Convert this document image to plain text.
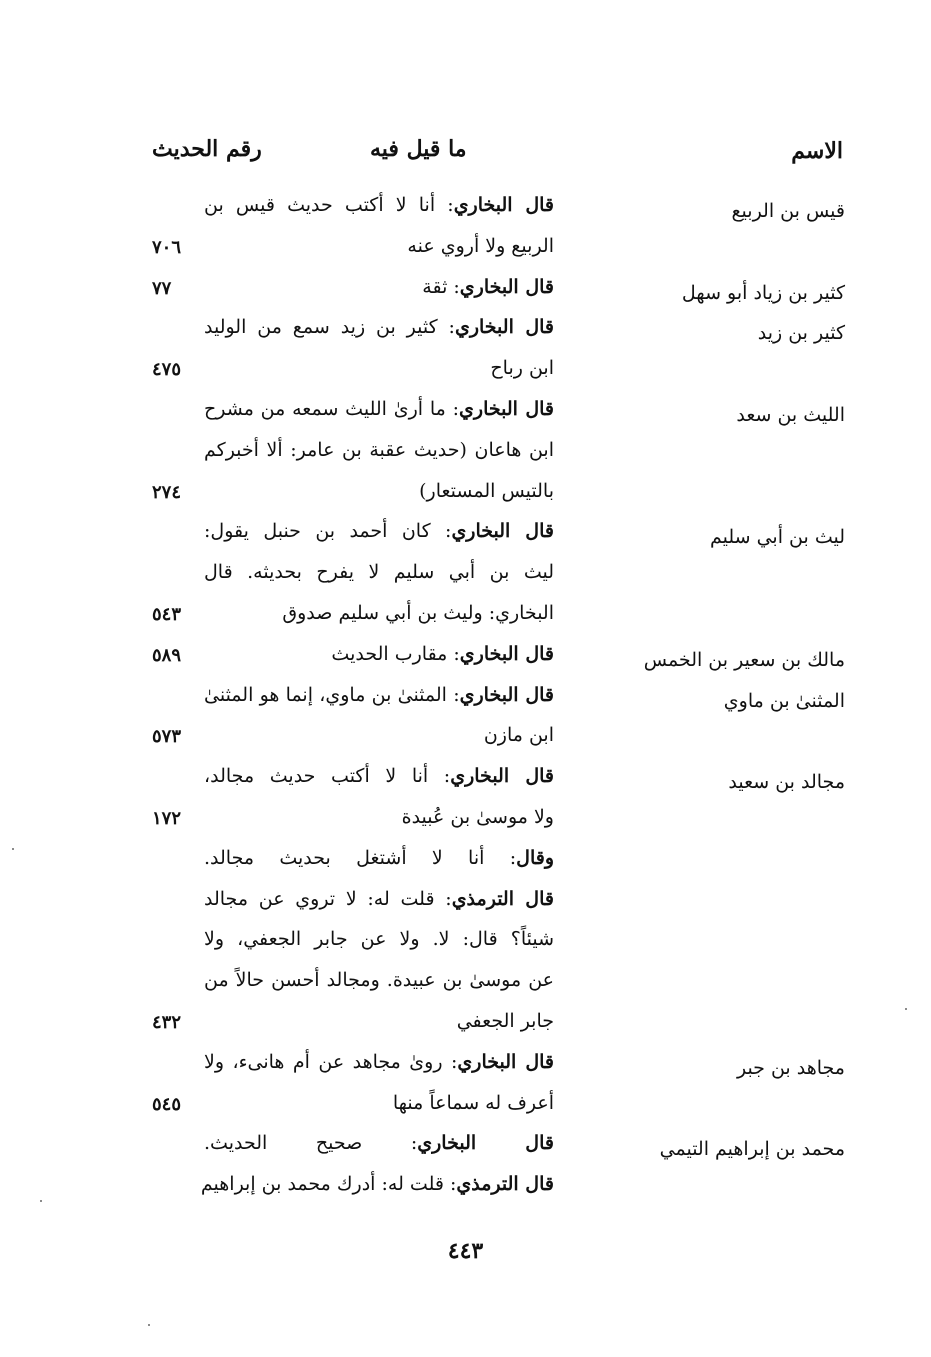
الاسم
ما قيل فيه
رقم الحديث
قيس بن الربيع
قال البخاري: أنا لا أكتب حديث قيس بن
الربيع ولا أروي عنه
٧٠٦
كثير بن زياد أبو سهل
قال البخاري: ثقة
٧٧
كثير بن زيد
قال البخاري: كثير بن زيد سمع من الوليد
ابن رباح
٤٧٥
الليث بن سعد
قال البخاري: ما أرىٰ الليث سمعه من مشرح
ابن هاعان (حديث عقبة بن عامر: ألا أخبركم
بالتيس المستعار)
٢٧٤
ليث بن أبي سليم
قال البخاري: كان أحمد بن حنبل يقول:
ليث بن أبي سليم لا يفرح بحديثه. قال
البخاري: وليث بن أبي سليم صدوق
٥٤٣
مالك بن سعير بن الخمس
قال البخاري: مقارب الحديث
٥٨٩
المثنىٰ بن ماوي
قال البخاري: المثنىٰ بن ماوي، إنما هو المثنىٰ
ابن مازن
٥٧٣
مجالد بن سعيد
قال البخاري: أنا لا أكتب حديث مجالد،
ولا موسىٰ بن عُبيدة
١٧٢
وقال: أنا لا أشتغل بحديث مجالد.
قال الترمذي: قلت له: لا تروي عن مجالد
شيئاً؟ قال: لا. ولا عن جابر الجعفي، ولا
عن موسىٰ بن عبيدة. ومجالد أحسن حالاً من
جابر الجعفي
٤٣٢
مجاهد بن جبر
قال البخاري: روىٰ مجاهد عن أم هانىء، ولا
أعرف له سماعاً منها
٥٤٥
محمد بن إبراهيم التيمي
قال البخاري: صحيح الحديث.
قال الترمذي: قلت له: أدرك محمد بن إبراهيم
٤٤٣
